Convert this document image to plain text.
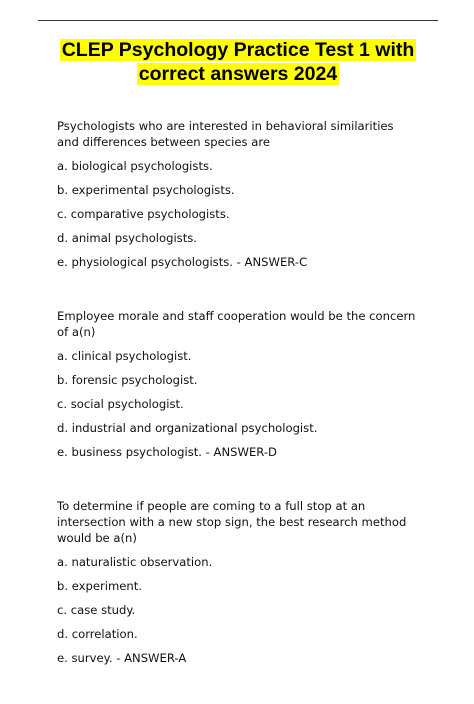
CLEP Psychology Practice Test 1 with
correct answers 2024
Psychologists who are interested in behavioral similarities and differences between species are
a. biological psychologists.
b. experimental psychologists.
c. comparative psychologists.
d. animal psychologists.
e. physiological psychologists. - ANSWER-C
Employee morale and staff cooperation would be the concern of a(n)
a. clinical psychologist.
b. forensic psychologist.
c. social psychologist.
d. industrial and organizational psychologist.
e. business psychologist. - ANSWER-D
To determine if people are coming to a full stop at an intersection with a new stop sign, the best research method would be a(n)
a. naturalistic observation.
b. experiment.
c. case study.
d. correlation.
e. survey. - ANSWER-A
